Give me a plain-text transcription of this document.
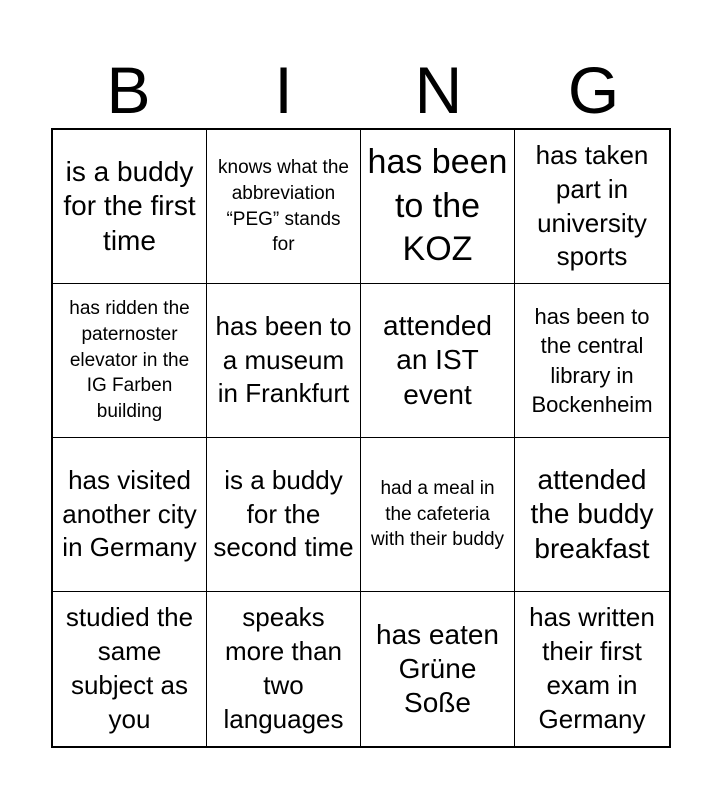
B	I	N	G
is a buddy for the first time
knows what the abbreviation “PEG” stands for
has been to the KOZ
has taken part in university sports
has ridden the paternoster elevator in the IG Farben building
has been to a museum in Frankfurt
attended an IST event
has been to the central library in Bockenheim
has visited another city in Germany
is a buddy for the second time
had a meal in the cafeteria with their buddy
attended the buddy breakfast
studied the same subject as you
speaks more than two languages
has eaten Grüne Soße
has written their first exam in Germany
